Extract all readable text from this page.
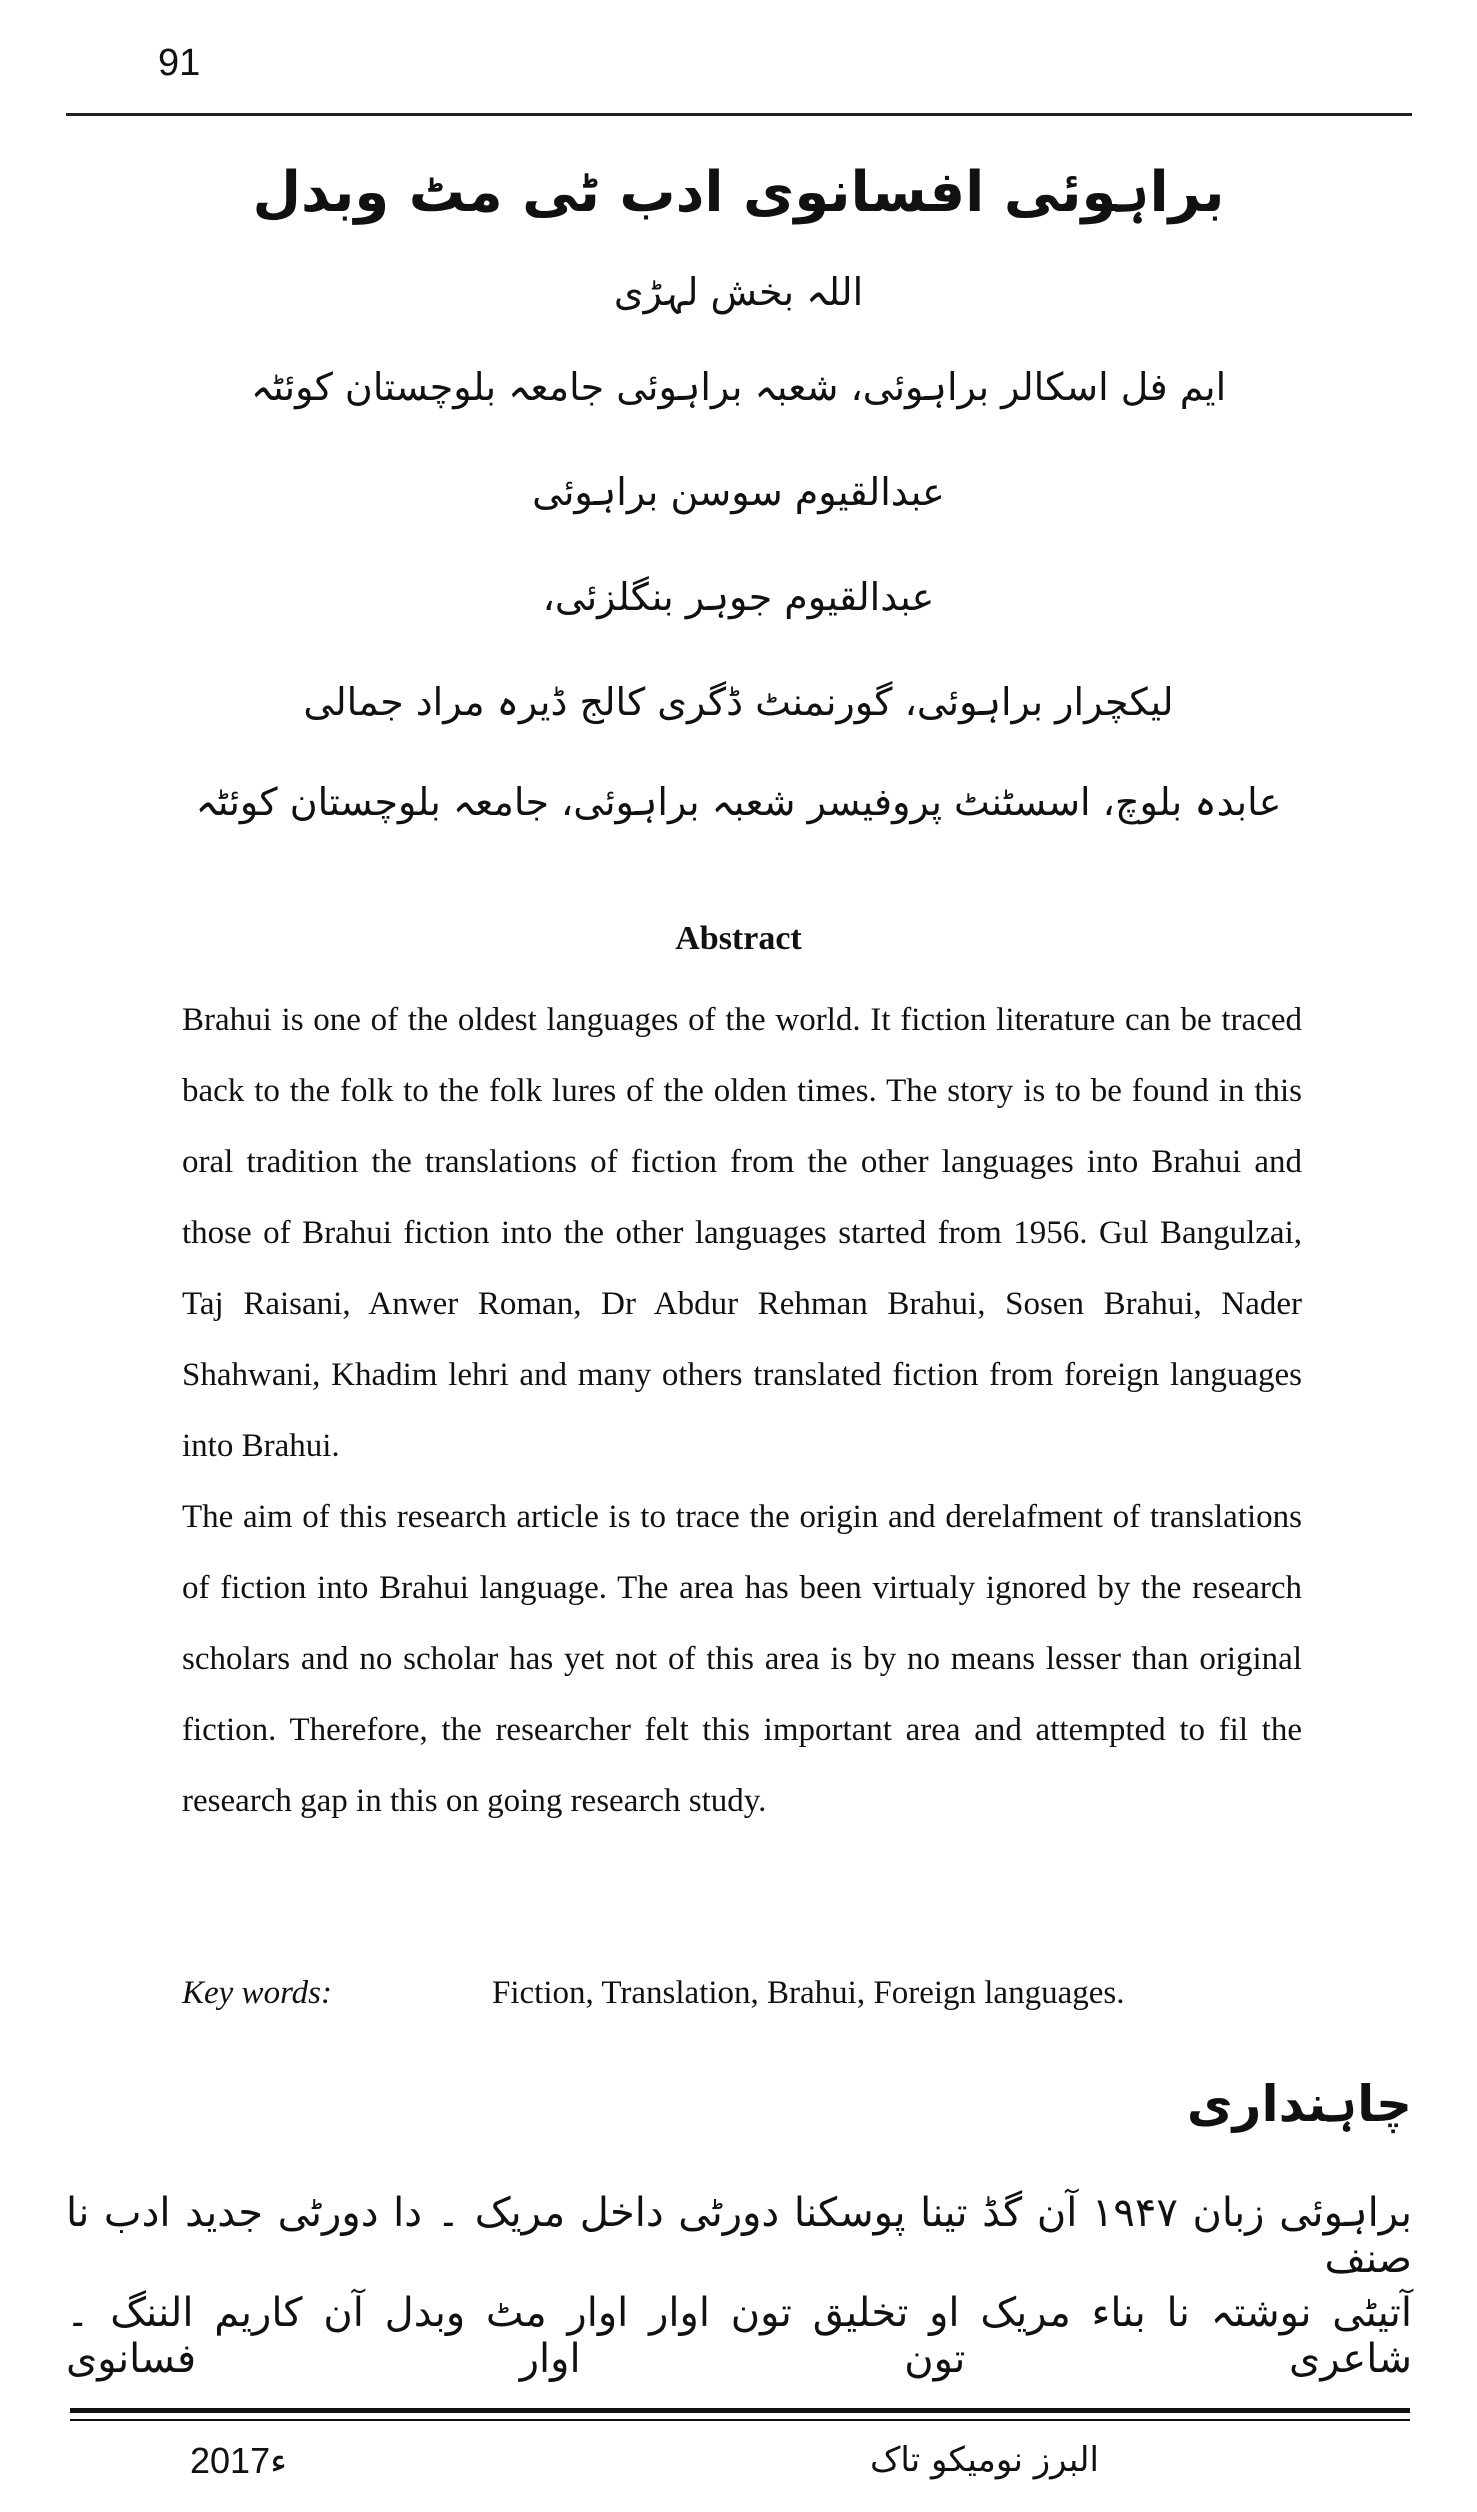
91
براہوئی افسانوی ادب ٹی مٹ وبدل
اللہ بخش لہڑی
ایم فل اسکالر براہوئی، شعبہ براہوئی جامعہ بلوچستان کوئٹہ
عبدالقیوم سوسن براہوئی
عبدالقیوم جوہر بنگلزئی،
لیکچرار براہوئی، گورنمنٹ ڈگری کالج ڈیرہ مراد جمالی
عابدہ بلوچ، اسسٹنٹ پروفیسر شعبہ براہوئی، جامعہ بلوچستان کوئٹہ
Abstract

Brahui is one of the oldest languages of the world. It fiction literature can be traced back to the folk to the folk lures of the olden times. The story is to be found in this oral tradition the translations of fiction from the other languages into Brahui and those of Brahui fiction into the other languages started from 1956. Gul Bangulzai, Taj Raisani, Anwer Roman, Dr Abdur Rehman Brahui, Sosen Brahui, Nader Shahwani, Khadim lehri and many others translated fiction from foreign languages into Brahui.

The aim of this research article is to trace the origin and derelafment of translations of fiction into Brahui language. The area has been virtualy ignored by the research scholars and no scholar has yet not of this area is by no means lesser than original fiction. Therefore, the researcher felt this important area and attempted to fil the research gap in this on going research study.

Key words:	Fiction, Translation, Brahui, Foreign languages.
چاہنداری
براہوئی زبان ۱۹۴۷ آن گڈ تینا پوسکنا دورٹی داخل مریک ۔ دا دورٹی جدید ادب نا صنف
آتیٹی نوشتہ نا بناء مریک او تخلیق تون اوار اوار مٹ وبدل آن کاریم الننگ ۔ شاعری تون اوار فسانوی
2017ء	البرز نومیکو تاک
